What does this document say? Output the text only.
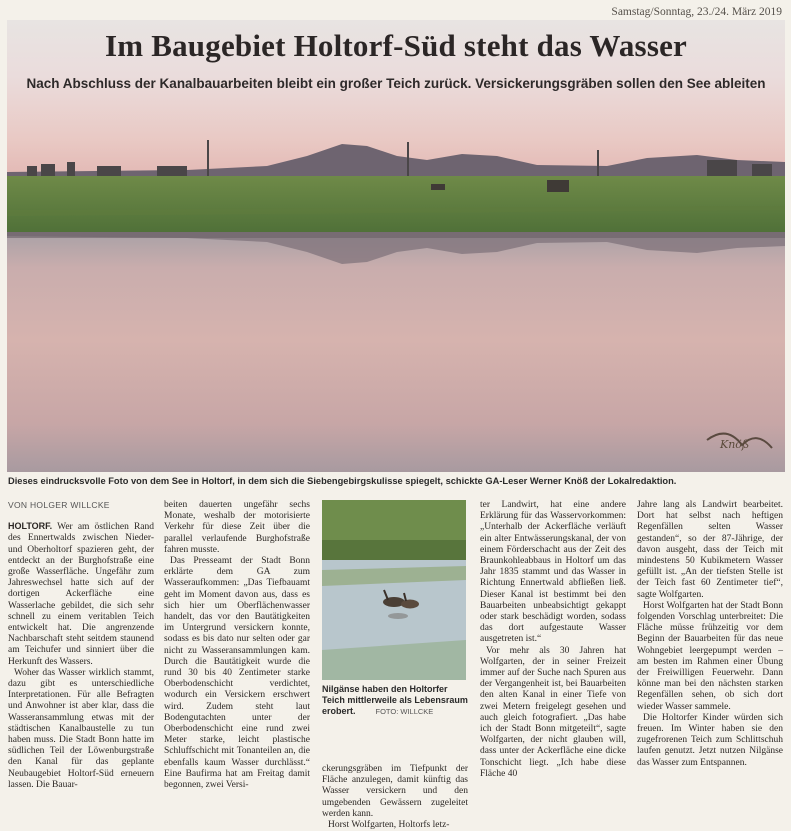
Samstag/Sonntag, 23./24. März 2019
Im Baugebiet Holtorf-Süd steht das Wasser
Nach Abschluss der Kanalbauarbeiten bleibt ein großer Teich zurück. Versickerungsgräben sollen den See ableiten
Knöß
Dieses eindrucksvolle Foto von dem See in Holtorf, in dem sich die Siebengebirgskulisse spiegelt, schickte GA-Leser Werner Knöß der Lokalredaktion.
VON HOLGER WILLCKE

HOLTORF. Wer am östlichen Rand des Ennertwalds zwischen Nieder- und Oberholtorf spazieren geht, der entdeckt an der Burghofstraße eine große Wasserfläche. Ungefähr zum Jahreswechsel hatte sich auf der dortigen Ackerfläche eine Wasserlache gebildet, die sich sehr schnell zu einem veritablen Teich entwickelt hat. Die angrenzende Nachbarschaft steht seitdem staunend am Teichufer und sinniert über die Herkunft des Wassers.

Woher das Wasser wirklich stammt, dazu gibt es unterschiedliche Interpretationen. Für alle Befragten und Anwohner ist aber klar, dass die Wasseransammlung etwas mit der städtischen Kanalbaustelle zu tun haben muss. Die Stadt Bonn hatte im südlichen Teil der Löwenburgstraße den Kanal für das geplante Neubaugebiet Holtorf-Süd erneuern lassen. Die Bauar-

beiten dauerten ungefähr sechs Monate, weshalb der motorisierte Verkehr für diese Zeit über die parallel verlaufende Burghofstraße fahren musste.

Das Presseamt der Stadt Bonn erklärte dem GA zum Wasseraufkommen: „Das Tiefbauamt geht im Moment davon aus, dass es sich hier um Oberflächenwasser handelt, das vor den Bautätigkeiten im Untergrund versickern konnte, sodass es bis dato nur selten oder gar nicht zu Wasseransammlungen kam. Durch die Bautätigkeit wurde die rund 30 bis 40 Zentimeter starke Oberbodenschicht verdichtet, wodurch ein Versickern erschwert wird. Zudem steht laut Bodengutachten unter der Oberbodenschicht eine rund zwei Meter starke, leicht plastische Schluffschicht mit Tonanteilen an, die ebenfalls kaum Wasser durchlässt.“ Eine Baufirma hat am Freitag damit begonnen, zwei Versi-

Nilgänse haben den Holtorfer Teich mittlerweile als Lebensraum erobert.	FOTO: WILLCKE

ckerungsgräben im Tiefpunkt der Fläche anzulegen, damit künftig das Wasser versickern und den umgebenden Gewässern zugeleitet werden kann.

Horst Wolfgarten, Holtorfs letz-

ter Landwirt, hat eine andere Erklärung für das Wasservorkommen: „Unterhalb der Ackerfläche verläuft ein alter Entwässerungskanal, der von einem Förderschacht aus der Zeit des Braunkohleabbaus in Holtorf um das Jahr 1835 stammt und das Wasser in Richtung Ennertwald abfließen ließ. Dieser Kanal ist bestimmt bei den Bauarbeiten unbeabsichtigt gekappt oder stark beschädigt worden, sodass das dort aufgestaute Wasser ausgetreten ist.“

Vor mehr als 30 Jahren hat Wolfgarten, der in seiner Freizeit immer auf der Suche nach Spuren aus der Vergangenheit ist, bei Bauarbeiten den alten Kanal in einer Tiefe von zwei Metern freigelegt gesehen und auch gleich fotografiert. „Das habe ich der Stadt Bonn mitgeteilt“, sagte Wolfgarten, der nicht glauben will, dass unter der Ackerfläche eine dicke Tonschicht liegt. „Ich habe diese Fläche 40

Jahre lang als Landwirt bearbeitet. Dort hat selbst nach heftigen Regenfällen selten Wasser gestanden“, so der 87-Jährige, der davon ausgeht, dass der Teich mit mindestens 50 Kubikmetern Wasser gefüllt ist. „An der tiefsten Stelle ist der Teich fast 60 Zentimeter tief“, sagte Wolfgarten.

Horst Wolfgarten hat der Stadt Bonn folgenden Vorschlag unterbreitet: Die Fläche müsse frühzeitig vor dem Beginn der Bauarbeiten für das neue Wohngebiet leergepumpt werden – am besten im Rahmen einer Übung der Freiwilligen Feuerwehr. Dann könne man bei den nächsten starken Regenfällen sehen, ob sich dort wieder Wasser sammele.

Die Holtorfer Kinder würden sich freuen. Im Winter haben sie den zugefrorenen Teich zum Schlittschuh laufen genutzt. Jetzt nutzen Nilgänse das Wasser zum Entspannen.
